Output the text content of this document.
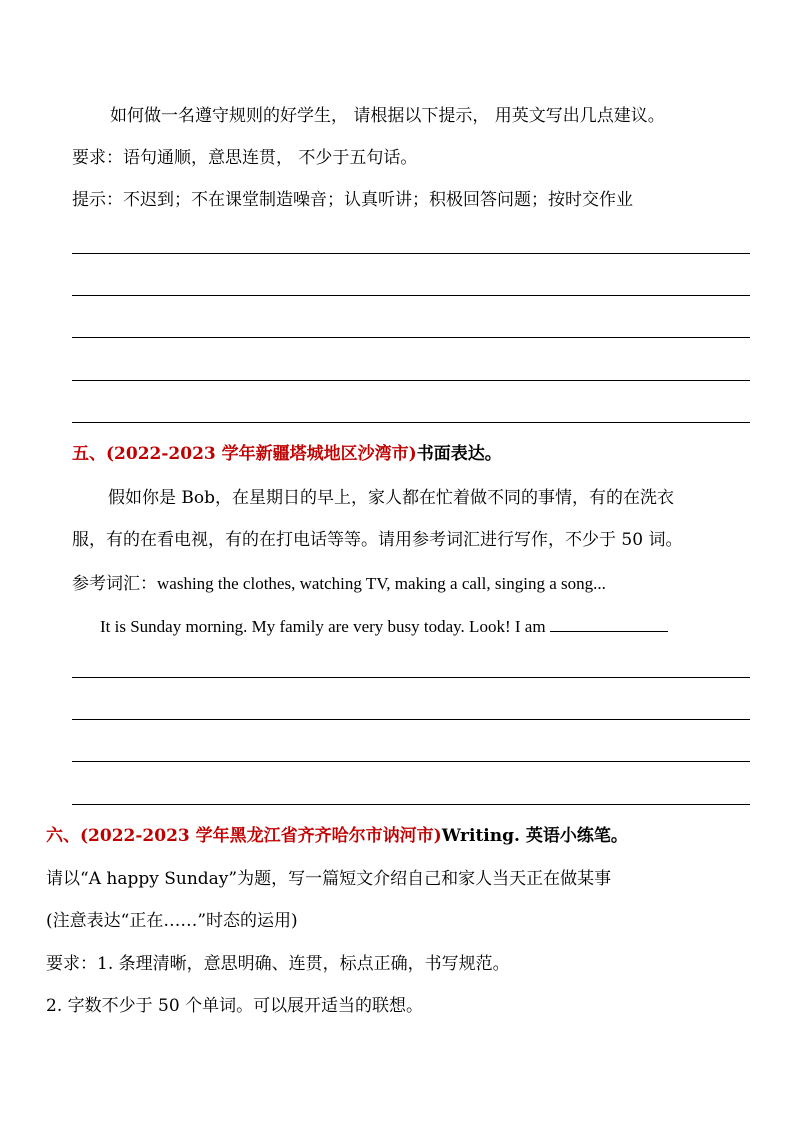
如何做一名遵守规则的好学生， 请根据以下提示， 用英文写出几点建议。
要求：语句通顺，意思连贯， 不少于五句话。
提示：不迟到；不在课堂制造噪音；认真听讲；积极回答问题；按时交作业
五、(2022-2023 学年新疆塔城地区沙湾市)书面表达。
假如你是 Bob，在星期日的早上，家人都在忙着做不同的事情，有的在洗衣
服，有的在看电视，有的在打电话等等。请用参考词汇进行写作，不少于 50 词。
参考词汇：washing the clothes, watching TV, making a call, singing a song...
It is Sunday morning. My family are very busy today. Look! I am
六、(2022-2023 学年黑龙江省齐齐哈尔市讷河市)Writing. 英语小练笔。
请以“A happy Sunday”为题，写一篇短文介绍自己和家人当天正在做某事
(注意表达“正在……”时态的运用)
要求：1. 条理清晰，意思明确、连贯，标点正确，书写规范。
2. 字数不少于 50 个单词。可以展开适当的联想。
